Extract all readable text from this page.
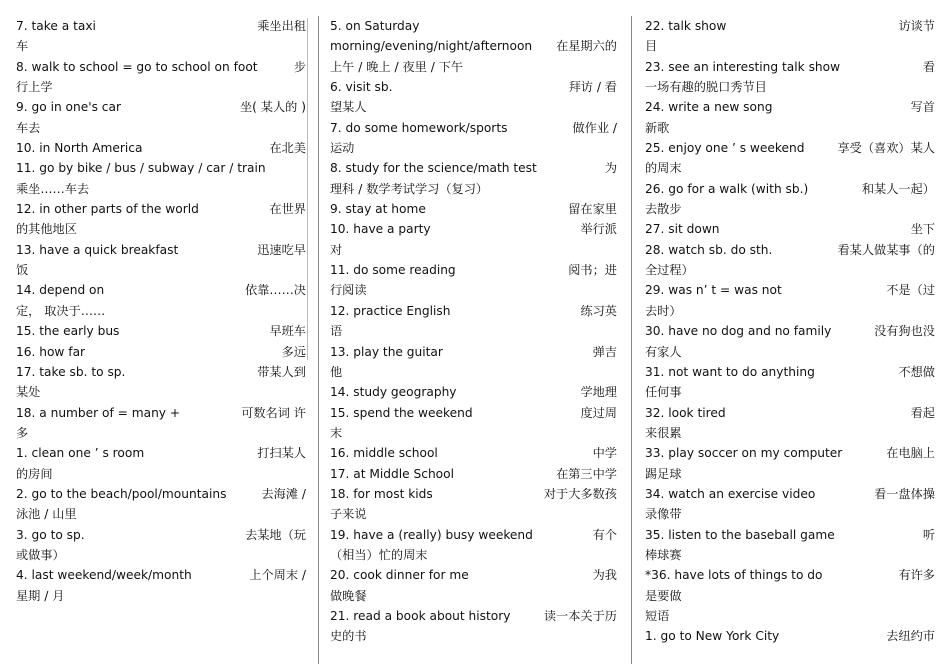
7. take a taxi	乘坐出租
车
8. walk to school = go to school on foot	步
行上学
9. go in one's car	坐( 某人的 )
车去
10. in North America	在北美
11. go by bike / bus / subway / car / train
乘坐……车去
12. in other parts of the world	在世界
的其他地区
13. have a quick breakfast	迅速吃早
饭
14. depend on	依靠……决
定， 取决于……
15. the early bus	早班车
16. how far	多远
17. take sb. to sp.	带某人到
某处
18. a number of = many +	可数名词 许
多
1. clean one ’ s room	打扫某人
的房间
2. go to the beach/pool/mountains	去海滩 /
泳池 / 山里
3. go to sp.	去某地（玩
或做事）
4. last weekend/week/month	上个周末 /
星期 / 月
5. on Saturday
morning/evening/night/afternoon	在星期六的
上午 / 晚上 / 夜里 / 下午
6. visit sb.	拜访 / 看
望某人
7. do some homework/sports	做作业 /
运动
8. study for the science/math test	为
理科 / 数学考试学习（复习）
9. stay at home	留在家里
10. have a party	举行派
对
11. do some reading	阅书；进
行阅读
12. practice English	练习英
语
13. play the guitar	弹吉
他
14. study geography	学地理
15. spend the weekend	度过周
末
16. middle school	中学
17. at Middle School	在第三中学
18. for most kids	对于大多数孩
子来说
19. have a (really) busy weekend	有个
（相当）忙的周末
20. cook dinner for me	为我
做晚餐
21. read a book about history	读一本关于历
史的书
22. talk show	访谈节
目
23. see an interesting talk show	看
一场有趣的脱口秀节目
24. write a new song	写首
新歌
25. enjoy one ’ s weekend	享受（喜欢）某人
的周末
26. go for a walk (with sb.)	和某人一起）
去散步
27. sit down	坐下
28. watch sb. do sth.	看某人做某事（的
全过程）
29. was n’ t = was not	不是（过
去时）
30. have no dog and no family	没有狗也没
有家人
31. not want to do anything	不想做
任何事
32. look tired	看起
来很累
33. play soccer on my computer	在电脑上
踢足球
34. watch an exercise video	看一盘体操
录像带
35. listen to the baseball game	听
棒球赛
*36. have lots of things to do	有许多
是要做
短语
1. go to New York City	去纽约市
